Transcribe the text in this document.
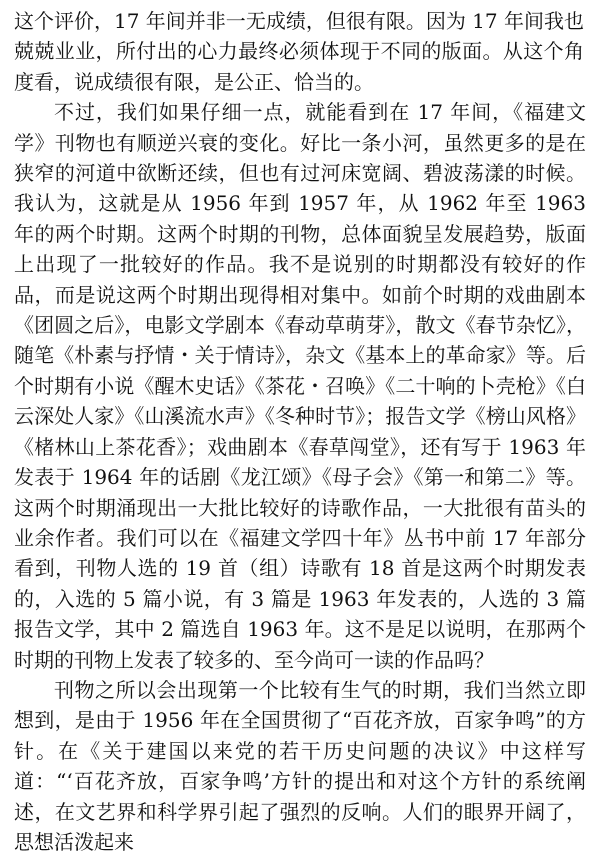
这个评价，17 年间并非一无成绩，但很有限。因为 17 年间我也兢兢业业，所付出的心力最终必须体现于不同的版面。从这个角度看，说成绩很有限，是公正、恰当的。

不过，我们如果仔细一点，就能看到在 17 年间，《福建文学》刊物也有顺逆兴衰的变化。好比一条小河，虽然更多的是在狭窄的河道中欲断还续，但也有过河床宽阔、碧波荡漾的时候。我认为，这就是从 1956 年到 1957 年，从 1962 年至 1963 年的两个时期。这两个时期的刊物，总体面貌呈发展趋势，版面上出现了一批较好的作品。我不是说别的时期都没有较好的作品，而是说这两个时期出现得相对集中。如前个时期的戏曲剧本《团圆之后》，电影文学剧本《春动草萌芽》，散文《春节杂忆》，随笔《朴素与抒情・关于情诗》，杂文《基本上的革命家》等。后个时期有小说《醒木史话》《茶花・召唤》《二十响的卜壳枪》《白云深处人家》《山溪流水声》《冬种时节》；报告文学《榜山风格》《楮林山上茶花香》；戏曲剧本《春草闯堂》，还有写于 1963 年发表于 1964 年的话剧《龙江颂》《母子会》《第一和第二》等。这两个时期涌现出一大批比较好的诗歌作品，一大批很有苗头的业余作者。我们可以在《福建文学四十年》丛书中前 17 年部分看到，刊物人选的 19 首（组）诗歌有 18 首是这两个时期发表的，入选的 5 篇小说，有 3 篇是 1963 年发表的，人选的 3 篇报告文学，其中 2 篇选自 1963 年。这不是足以说明，在那两个时期的刊物上发表了较多的、至今尚可一读的作品吗？

刊物之所以会出现第一个比较有生气的时期，我们当然立即想到，是由于 1956 年在全国贯彻了“百花齐放，百家争鸣”的方针。在《关于建国以来党的若干历史问题的决议》中这样写道：“‘百花齐放，百家争鸣’方针的提出和对这个方针的系统阐述，在文艺界和科学界引起了强烈的反响。人们的眼界开阔了，思想活泼起来
